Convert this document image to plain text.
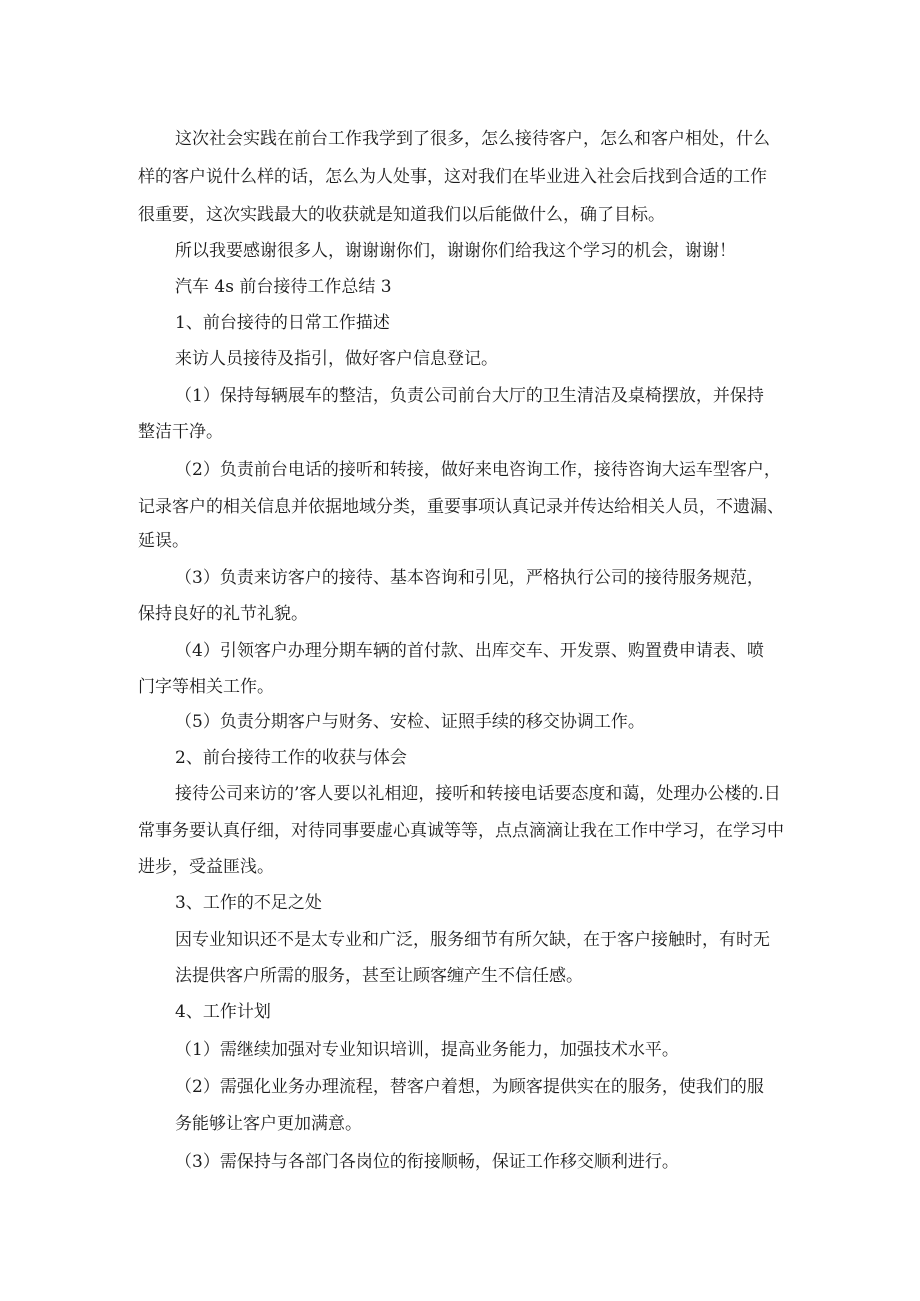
这次社会实践在前台工作我学到了很多，怎么接待客户，怎么和客户相处，什么

样的客户说什么样的话，怎么为人处事，这对我们在毕业进入社会后找到合适的工作

很重要，这次实践最大的收获就是知道我们以后能做什么，确了目标。

所以我要感谢很多人，谢谢谢你们，谢谢你们给我这个学习的机会，谢谢！

汽车 4s 前台接待工作总结 3

1、前台接待的日常工作描述

来访人员接待及指引，做好客户信息登记。

（1）保持每辆展车的整洁，负责公司前台大厅的卫生清洁及桌椅摆放，并保持

整洁干净。

（2）负责前台电话的接听和转接，做好来电咨询工作，接待咨询大运车型客户，

记录客户的相关信息并依据地域分类，重要事项认真记录并传达给相关人员，不遗漏、

延误。

（3）负责来访客户的接待、基本咨询和引见，严格执行公司的接待服务规范，

保持良好的礼节礼貌。

（4）引领客户办理分期车辆的首付款、出库交车、开发票、购置费申请表、喷

门字等相关工作。

（5）负责分期客户与财务、安检、证照手续的移交协调工作。

2、前台接待工作的收获与体会

接待公司来访的’客人要以礼相迎，接听和转接电话要态度和蔼，处理办公楼的.日

常事务要认真仔细，对待同事要虚心真诚等等，点点滴滴让我在工作中学习，在学习中

进步，受益匪浅。

3、工作的不足之处

因专业知识还不是太专业和广泛，服务细节有所欠缺，在于客户接触时，有时无

法提供客户所需的服务，甚至让顾客缠产生不信任感。

4、工作计划

（1）需继续加强对专业知识培训，提高业务能力，加强技术水平。

（2）需强化业务办理流程，替客户着想，为顾客提供实在的服务，使我们的服

务能够让客户更加满意。

（3）需保持与各部门各岗位的衔接顺畅，保证工作移交顺利进行。
